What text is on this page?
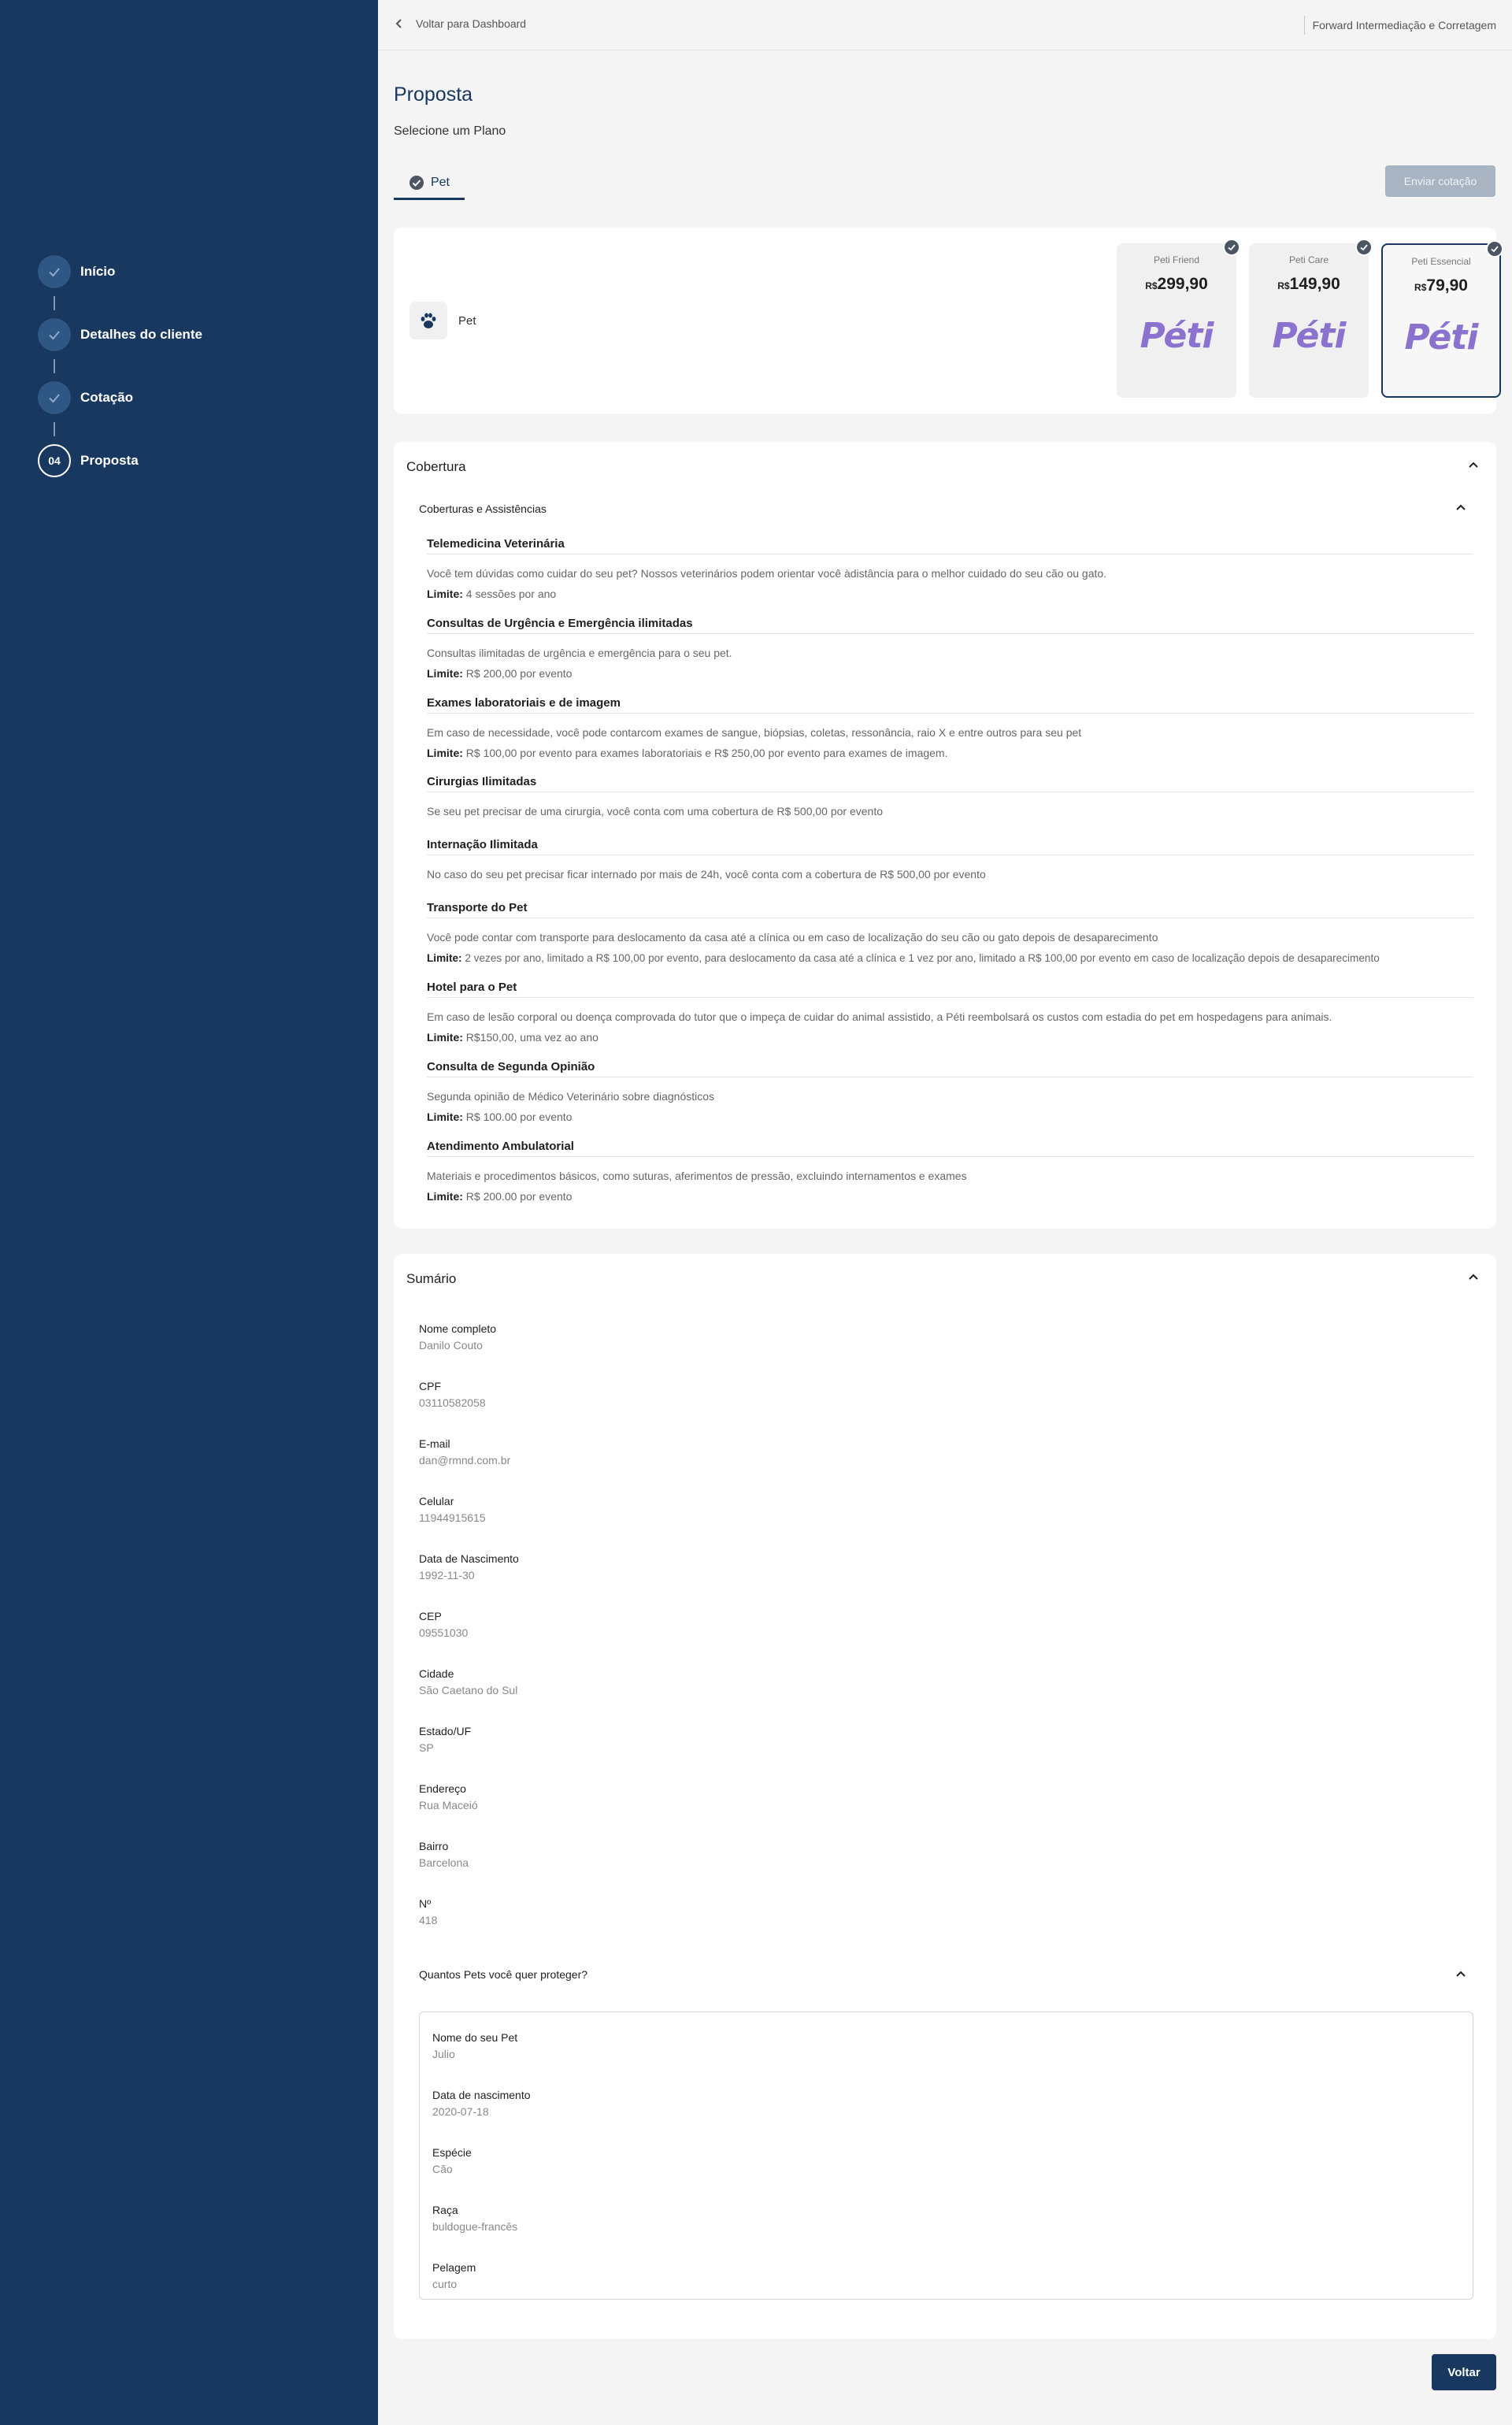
Início
Detalhes do cliente
Cotação
04	Proposta
Voltar para Dashboard	Forward Intermediação e Corretagem
Proposta
Selecione um Plano
Pet	Enviar cotação
Pet
Peti Friend
R$299,90
Péti
Peti Care
R$149,90
Péti
Peti Essencial
R$79,90
Péti
Cobertura
Coberturas e Assistências
Telemedicina Veterinária
Você tem dúvidas como cuidar do seu pet? Nossos veterinários podem orientar você àdistância para o melhor cuidado do seu cão ou gato.
Limite: 4 sessões por ano
Consultas de Urgência e Emergência ilimitadas
Consultas ilimitadas de urgência e emergência para o seu pet.
Limite: R$ 200,00 por evento
Exames laboratoriais e de imagem
Em caso de necessidade, você pode contarcom exames de sangue, biópsias, coletas, ressonância, raio X e entre outros para seu pet
Limite: R$ 100,00 por evento para exames laboratoriais e R$ 250,00 por evento para exames de imagem.
Cirurgias Ilimitadas
Se seu pet precisar de uma cirurgia, você conta com uma cobertura de R$ 500,00 por evento
Internação Ilimitada
No caso do seu pet precisar ficar internado por mais de 24h, você conta com a cobertura de R$ 500,00 por evento
Transporte do Pet
Você pode contar com transporte para deslocamento da casa até a clínica ou em caso de localização do seu cão ou gato depois de desaparecimento
Limite: 2 vezes por ano, limitado a R$ 100,00 por evento, para deslocamento da casa até a clínica e 1 vez por ano, limitado a R$ 100,00 por evento em caso de localização depois de desaparecimento
Hotel para o Pet
Em caso de lesão corporal ou doença comprovada do tutor que o impeça de cuidar do animal assistido, a Péti reembolsará os custos com estadia do pet em hospedagens para animais.
Limite: R$150,00, uma vez ao ano
Consulta de Segunda Opinião
Segunda opinião de Médico Veterinário sobre diagnósticos
Limite: R$ 100.00 por evento
Atendimento Ambulatorial
Materiais e procedimentos básicos, como suturas, aferimentos de pressão, excluindo internamentos e exames
Limite: R$ 200.00 por evento
Sumário
Nome completo
Danilo Couto
CPF
03110582058
E-mail
dan@rmnd.com.br
Celular
11944915615
Data de Nascimento
1992-11-30
CEP
09551030
Cidade
São Caetano do Sul
Estado/UF
SP
Endereço
Rua Maceió
Bairro
Barcelona
Nº
418
Quantos Pets você quer proteger?
Nome do seu Pet
Julio
Data de nascimento
2020-07-18
Espécie
Cão
Raça
buldogue-francês
Pelagem
curto
Voltar
